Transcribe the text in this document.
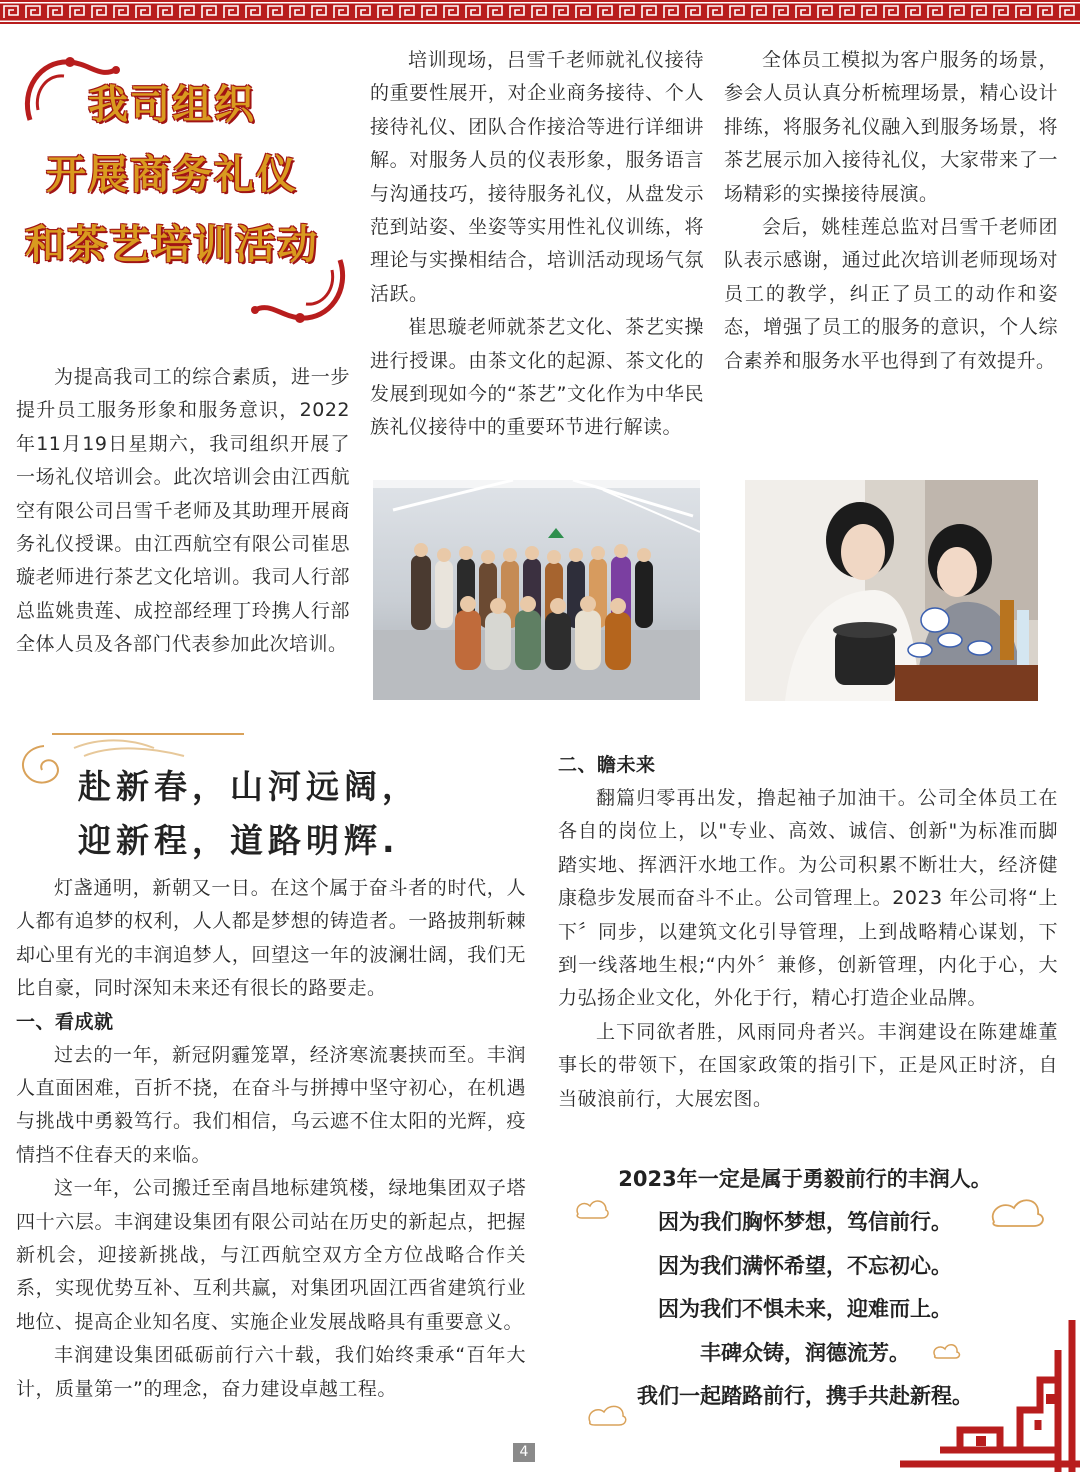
我司组织
开展商务礼仪
和茶艺培训活动

为提高我司工的综合素质，进一步提升员工服务形象和服务意识，2022年11月19日星期六，我司组织开展了一场礼仪培训会。此次培训会由江西航空有限公司吕雪千老师及其助理开展商务礼仪授课。由江西航空有限公司崔思璇老师进行茶艺文化培训。我司人行部总监姚贵莲、成控部经理丁玲携人行部全体人员及各部门代表参加此次培训。

培训现场，吕雪千老师就礼仪接待的重要性展开，对企业商务接待、个人接待礼仪、团队合作接洽等进行详细讲解。对服务人员的仪表形象，服务语言与沟通技巧，接待服务礼仪，从盘发示范到站姿、坐姿等实用性礼仪训练，将理论与实操相结合，培训活动现场气氛活跃。

崔思璇老师就茶艺文化、茶艺实操进行授课。由茶文化的起源、茶文化的发展到现如今的“茶艺”文化作为中华民族礼仪接待中的重要环节进行解读。

全体员工模拟为客户服务的场景，参会人员认真分析梳理场景，精心设计排练，将服务礼仪融入到服务场景，将茶艺展示加入接待礼仪，大家带来了一场精彩的实操接待展演。

会后，姚桂莲总监对吕雪千老师团队表示感谢，通过此次培训老师现场对员工的教学，纠正了员工的动作和姿态，增强了员工的服务的意识，个人综合素养和服务水平也得到了有效提升。

赴新春，山河远阔，
迎新程，道路明辉.

灯盏通明，新朝又一日。在这个属于奋斗者的时代，人人都有追梦的权利，人人都是梦想的铸造者。一路披荆斩棘却心里有光的丰润追梦人，回望这一年的波澜壮阔，我们无比自豪，同时深知未来还有很长的路要走。

一、看成就

过去的一年，新冠阴霾笼罩，经济寒流裹挟而至。丰润人直面困难，百折不挠，在奋斗与拼搏中坚守初心，在机遇与挑战中勇毅笃行。我们相信，乌云遮不住太阳的光辉，疫情挡不住春天的来临。

这一年，公司搬迁至南昌地标建筑楼，绿地集团双子塔四十六层。丰润建设集团有限公司站在历史的新起点，把握新机会，迎接新挑战，与江西航空双方全方位战略合作关系，实现优势互补、互利共赢，对集团巩固江西省建筑行业地位、提高企业知名度、实施企业发展战略具有重要意义。

丰润建设集团砥砺前行六十载，我们始终秉承“百年大计，质量第一”的理念，奋力建设卓越工程。

二、瞻未来

翻篇归零再出发，撸起袖子加油干。公司全体员工在各自的岗位上，以"专业、高效、诚信、创新"为标准而脚踏实地、挥洒汗水地工作。为公司积累不断壮大，经济健康稳步发展而奋斗不止。公司管理上。2023 年公司将“上下〞同步，以建筑文化引导管理，上到战略精心谋划，下到一线落地生根;“内外〞兼修，创新管理，内化于心，大力弘扬企业文化，外化于行，精心打造企业品牌。

上下同欲者胜，风雨同舟者兴。丰润建设在陈建雄董事长的带领下，在国家政策的指引下，正是风正时济，自当破浪前行，大展宏图。

2023年一定是属于勇毅前行的丰润人。
因为我们胸怀梦想，笃信前行。
因为我们满怀希望，不忘初心。
因为我们不惧未来，迎难而上。
丰碑众铸，润德流芳。
我们一起踏路前行，携手共赴新程。
4
